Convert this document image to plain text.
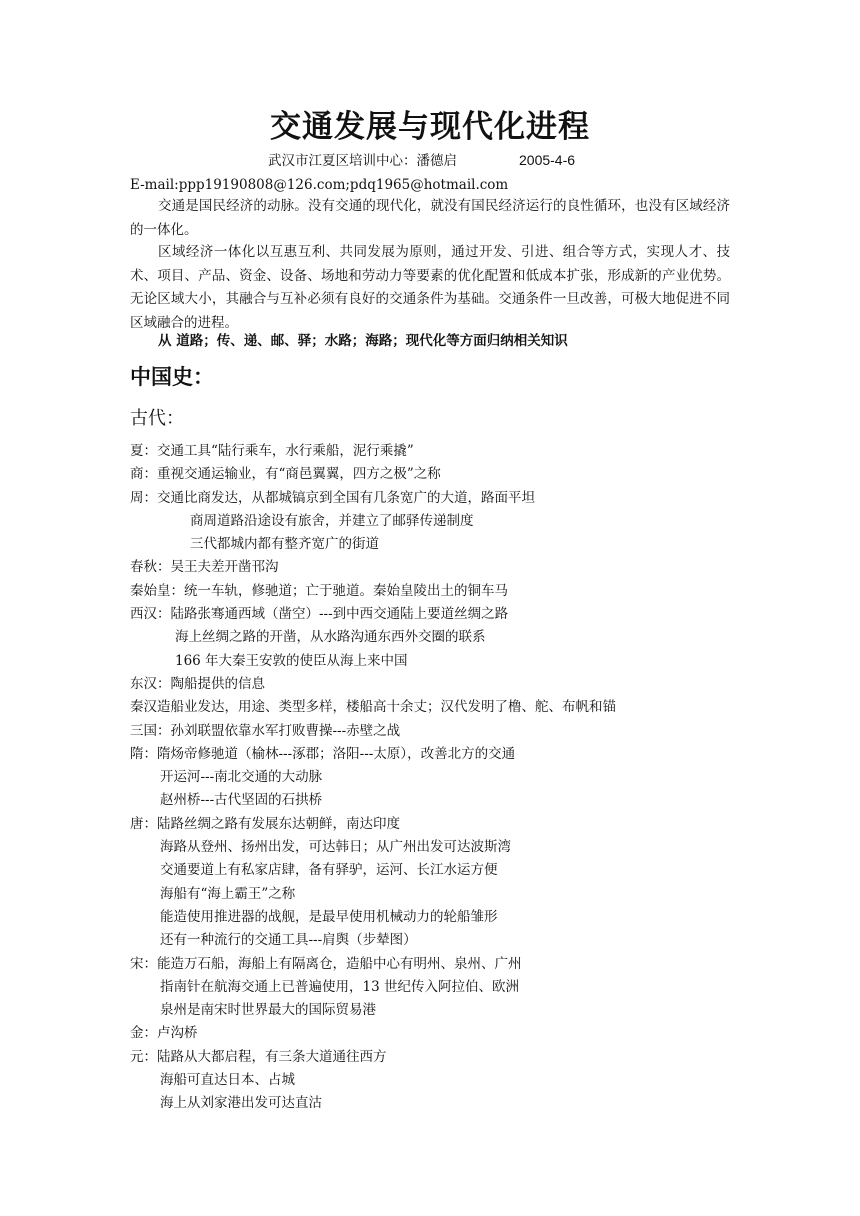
交通发展与现代化进程
武汉市江夏区培训中心：潘德启	2005-4-6
E-mail:ppp19190808@126.com;pdq1965@hotmail.com

交通是国民经济的动脉。没有交通的现代化，就没有国民经济运行的良性循环，也没有区域经济的一体化。

区域经济一体化以互惠互利、共同发展为原则，通过开发、引进、组合等方式，实现人才、技术、项目、产品、资金、设备、场地和劳动力等要素的优化配置和低成本扩张，形成新的产业优势。无论区域大小，其融合与互补必须有良好的交通条件为基础。交通条件一旦改善，可极大地促进不同区域融合的进程。

从 道路；传、递、邮、驿；水路；海路；现代化等方面归纳相关知识
中国史：
古代：
夏：交通工具“陆行乘车，水行乘船，泥行乘撬”
商：重视交通运输业，有“商邑翼翼，四方之极”之称
周：交通比商发达，从都城镐京到全国有几条宽广的大道，路面平坦
商周道路沿途设有旅舍，并建立了邮驿传递制度
三代都城内都有整齐宽广的街道
春秋：吴王夫差开凿邗沟
秦始皇：统一车轨，修驰道；亡于驰道。秦始皇陵出土的铜车马
西汉：陆路张骞通西域（凿空）---到中西交通陆上要道丝绸之路
海上丝绸之路的开凿，从水路沟通东西外交圈的联系
166 年大秦王安敦的使臣从海上来中国
东汉：陶船提供的信息
秦汉造船业发达，用途、类型多样，楼船高十余丈；汉代发明了橹、舵、布帆和锚
三国：孙刘联盟依靠水军打败曹操---赤壁之战
隋：隋炀帝修驰道（榆林---涿郡；洛阳---太原），改善北方的交通
开运河---南北交通的大动脉
赵州桥---古代坚固的石拱桥
唐：陆路丝绸之路有发展东达朝鲜，南达印度
海路从登州、扬州出发，可达韩日；从广州出发可达波斯湾
交通要道上有私家店肆，备有驿驴，运河、长江水运方便
海船有“海上霸王”之称
能造使用推进器的战舰，是最早使用机械动力的轮船雏形
还有一种流行的交通工具---肩舆（步辇图）
宋：能造万石船，海船上有隔离仓，造船中心有明州、泉州、广州
指南针在航海交通上已普遍使用，13 世纪传入阿拉伯、欧洲
泉州是南宋时世界最大的国际贸易港
金：卢沟桥
元：陆路从大都启程，有三条大道通往西方
海船可直达日本、占城
海上从刘家港出发可达直沽
